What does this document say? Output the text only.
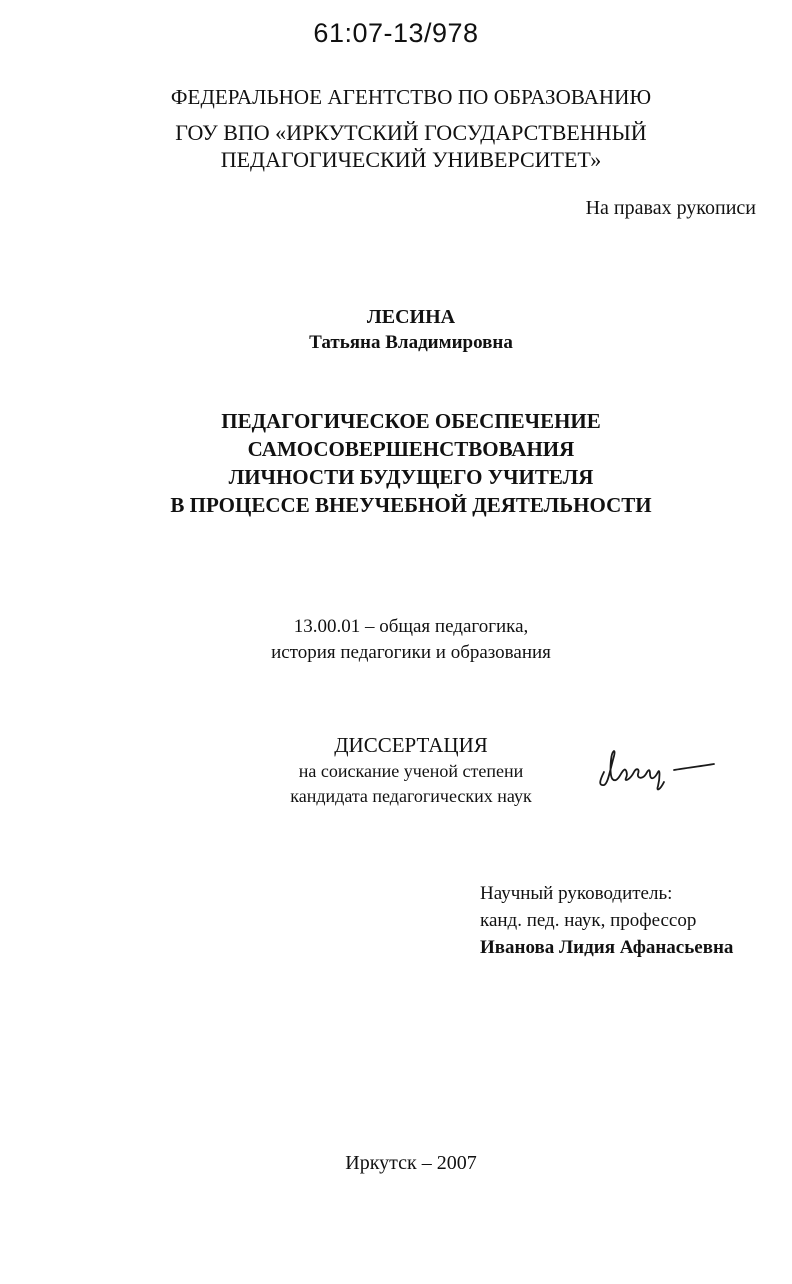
61:07-13/978
ФЕДЕРАЛЬНОЕ АГЕНТСТВО ПО ОБРАЗОВАНИЮ
ГОУ ВПО «ИРКУТСКИЙ ГОСУДАРСТВЕННЫЙ
ПЕДАГОГИЧЕСКИЙ УНИВЕРСИТЕТ»
На правах рукописи
ЛЕСИНА
Татьяна Владимировна
ПЕДАГОГИЧЕСКОЕ ОБЕСПЕЧЕНИЕ
САМОСОВЕРШЕНСТВОВАНИЯ
ЛИЧНОСТИ БУДУЩЕГО УЧИТЕЛЯ
В ПРОЦЕССЕ ВНЕУЧЕБНОЙ ДЕЯТЕЛЬНОСТИ
13.00.01 – общая педагогика,
история педагогики и образования
ДИССЕРТАЦИЯ
на соискание ученой степени
кандидата педагогических наук
Научный руководитель:
канд. пед. наук, профессор
Иванова Лидия Афанасьевна
Иркутск – 2007
